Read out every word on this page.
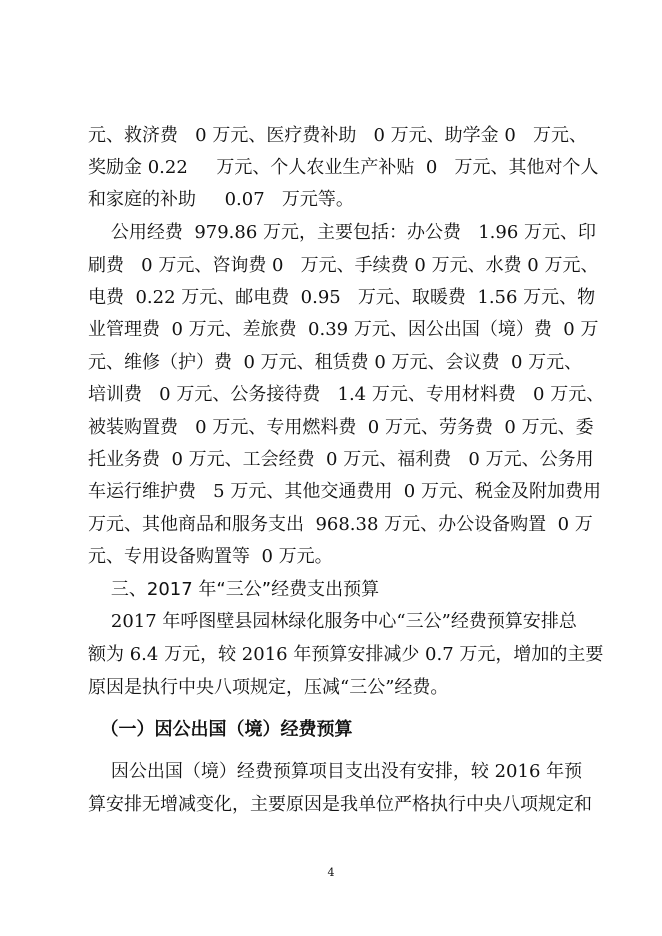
元、救济费   0 万元、医疗费补助   0 万元、助学金 0   万元、
奖励金 0.22     万元、个人农业生产补贴  0   万元、其他对个人
和家庭的补助     0.07   万元等。
公用经费  979.86 万元，主要包括：办公费   1.96 万元、印
刷费   0 万元、咨询费 0   万元、手续费 0 万元、水费 0 万元、
电费  0.22 万元、邮电费  0.95   万元、取暖费  1.56 万元、物
业管理费  0 万元、差旅费  0.39 万元、因公出国（境）费  0 万
元、维修（护）费  0 万元、租赁费 0 万元、会议费  0 万元、
培训费   0 万元、公务接待费   1.4 万元、专用材料费   0 万元、
被装购置费   0 万元、专用燃料费  0 万元、劳务费  0 万元、委
托业务费  0 万元、工会经费  0 万元、福利费   0 万元、公务用
车运行维护费   5 万元、其他交通费用  0 万元、税金及附加费用
万元、其他商品和服务支出  968.38 万元、办公设备购置  0 万
元、专用设备购置等  0 万元。
三、2017 年“三公”经费支出预算
2017 年呼图壁县园林绿化服务中心“三公”经费预算安排总
额为 6.4 万元，较 2016 年预算安排减少 0.7 万元，增加的主要
原因是执行中央八项规定，压减“三公”经费。
（一）因公出国（境）经费预算
因公出国（境）经费预算项目支出没有安排，较 2016 年预
算安排无增减变化，主要原因是我单位严格执行中央八项规定和
4
